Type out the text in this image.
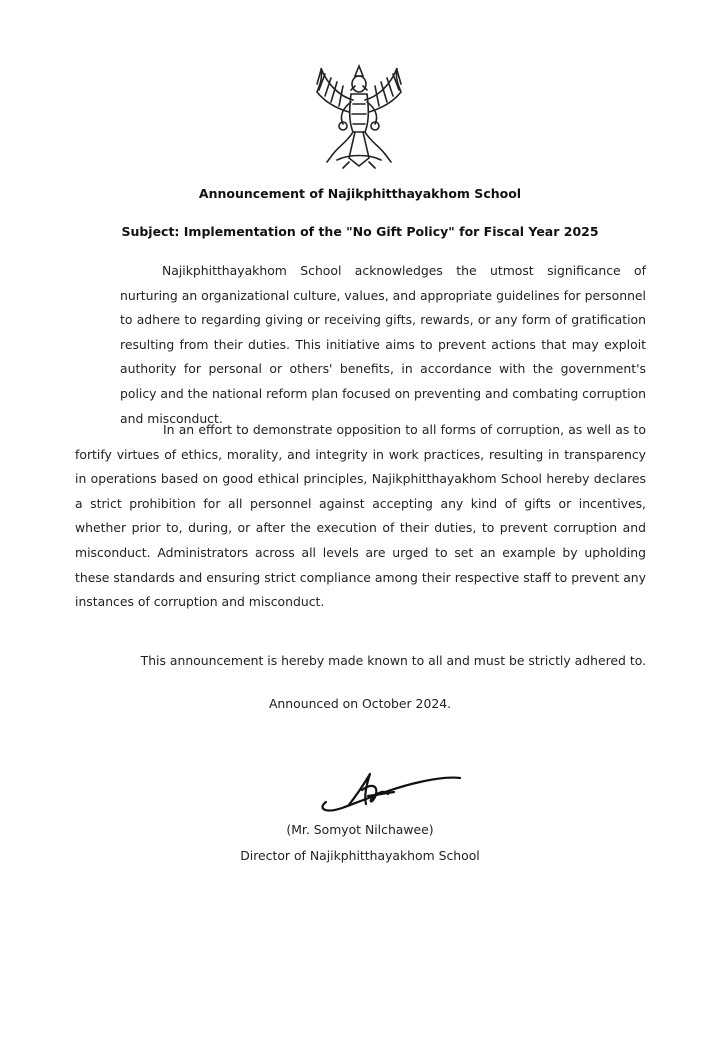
Announcement of Najikphitthayakhom School
Subject: Implementation of the "No Gift Policy" for Fiscal Year 2025
Najikphitthayakhom School acknowledges the utmost significance of nurturing an organizational culture, values, and appropriate guidelines for personnel to adhere to regarding giving or receiving gifts, rewards, or any form of gratification resulting from their duties. This initiative aims to prevent actions that may exploit authority for personal or others' benefits, in accordance with the government's policy and the national reform plan focused on preventing and combating corruption and misconduct.
In an effort to demonstrate opposition to all forms of corruption, as well as to fortify virtues of ethics, morality, and integrity in work practices, resulting in transparency in operations based on good ethical principles, Najikphitthayakhom School hereby declares a strict prohibition for all personnel against accepting any kind of gifts or incentives, whether prior to, during, or after the execution of their duties, to prevent corruption and misconduct. Administrators across all levels are urged to set an example by upholding these standards and ensuring strict compliance among their respective staff to prevent any instances of corruption and misconduct.
This announcement is hereby made known to all and must be strictly adhered to.
Announced on October 2024.
(Mr. Somyot Nilchawee)
Director of Najikphitthayakhom School
